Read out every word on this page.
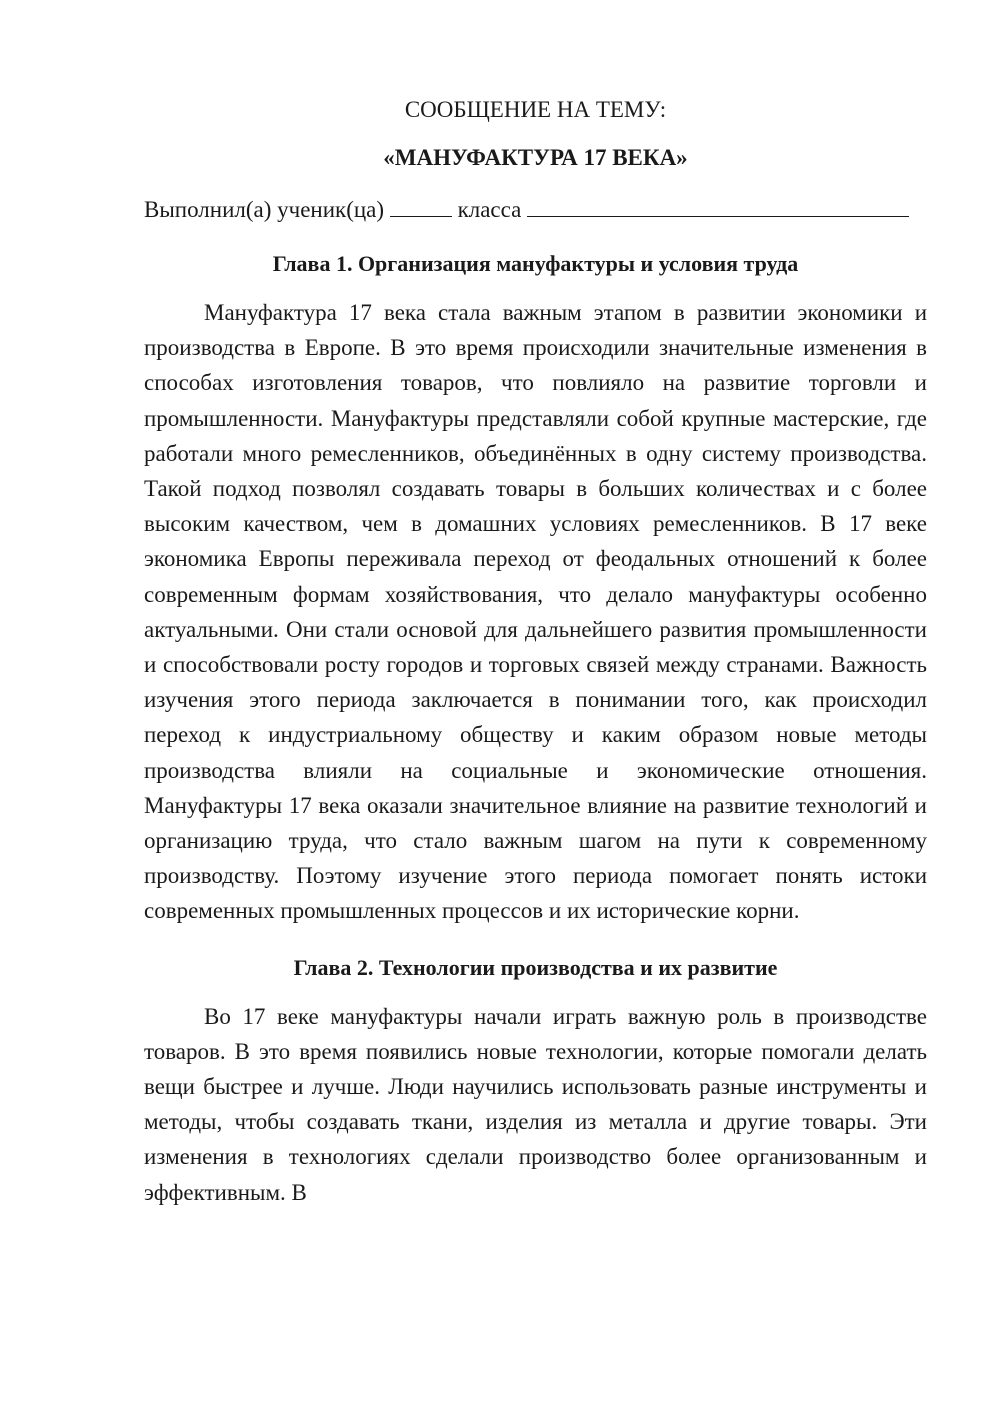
СООБЩЕНИЕ НА ТЕМУ:
«МАНУФАКТУРА 17 ВЕКА»
Выполнил(а) ученик(ца)	класса
Глава 1. Организация мануфактуры и условия труда

Мануфактура 17 века стала важным этапом в развитии экономики и производства в Европе. В это время происходили значительные изменения в способах изготовления товаров, что повлияло на развитие торговли и промышленности. Мануфактуры представляли собой крупные мастерские, где работали много ремесленников, объединённых в одну систему производства. Такой подход позволял создавать товары в больших количествах и с более высоким качеством, чем в домашних условиях ремесленников. В 17 веке экономика Европы переживала переход от феодальных отношений к более современным формам хозяйствования, что делало мануфактуры особенно актуальными. Они стали основой для дальнейшего развития промышленности и способствовали росту городов и торговых связей между странами. Важность изучения этого периода заключается в понимании того, как происходил переход к индустриальному обществу и каким образом новые методы производства влияли на социальные и экономические отношения. Мануфактуры 17 века оказали значительное влияние на развитие технологий и организацию труда, что стало важным шагом на пути к современному производству. Поэтому изучение этого периода помогает понять истоки современных промышленных процессов и их исторические корни.

Глава 2. Технологии производства и их развитие

Во 17 веке мануфактуры начали играть важную роль в производстве товаров. В это время появились новые технологии, которые помогали делать вещи быстрее и лучше. Люди научились использовать разные инструменты и методы, чтобы создавать ткани, изделия из металла и другие товары. Эти изменения в технологиях сделали производство более организованным и эффективным. В
